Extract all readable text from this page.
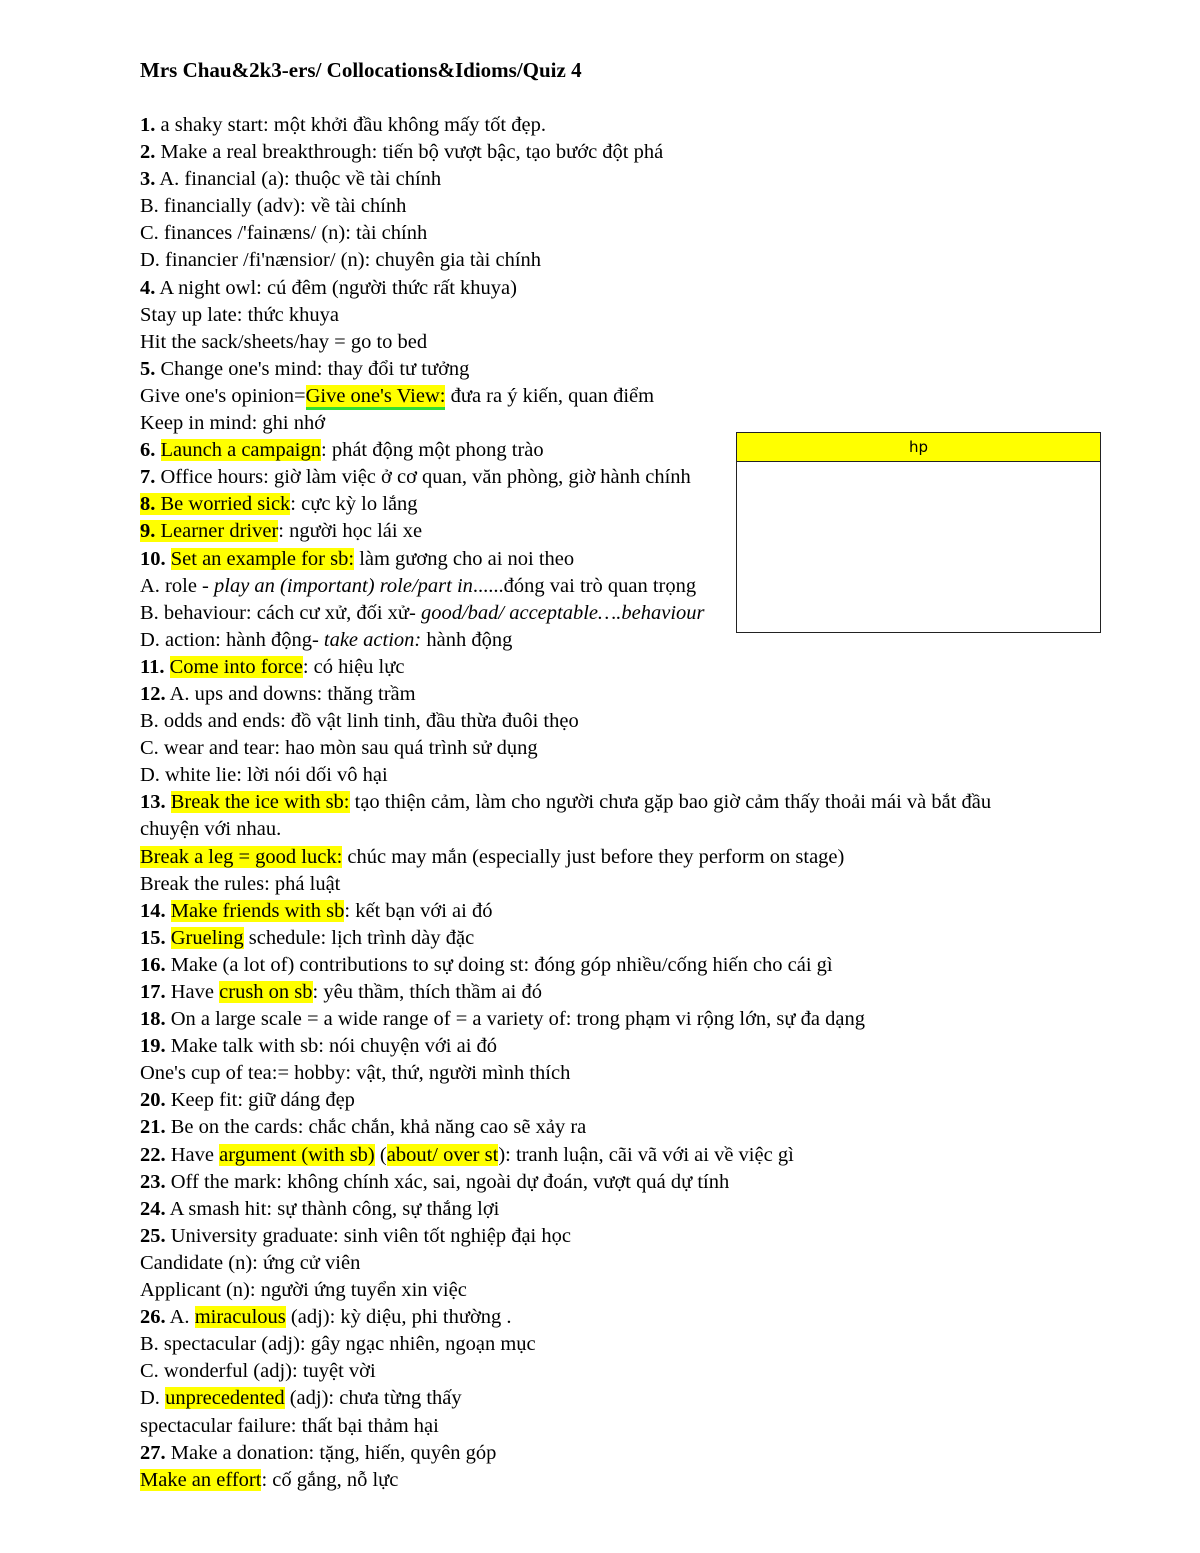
Mrs Chau&2k3-ers/ Collocations&Idioms/Quiz 4
1. a shaky start: một khởi đầu không mấy tốt đẹp.
2. Make a real breakthrough: tiến bộ vượt bậc, tạo bước đột phá
3. A. financial (a): thuộc về tài chính
B. financially (adv): về tài chính
C. finances /'fainæns/ (n): tài chính
D. financier /fi'nænsior/ (n): chuyên gia tài chính
4. A night owl: cú đêm (người thức rất khuya)
Stay up late: thức khuya
Hit the sack/sheets/hay = go to bed
5. Change one's mind: thay đổi tư tưởng
Give one's opinion=Give one's View: đưa ra ý kiến, quan điểm
Keep in mind: ghi nhớ
6. Launch a campaign: phát động một phong trào
7. Office hours: giờ làm việc ở cơ quan, văn phòng, giờ hành chính
8. Be worried sick: cực kỳ lo lắng
9. Learner driver: người học lái xe
10. Set an example for sb: làm gương cho ai noi theo
A. role - play an (important) role/part in......đóng vai trò quan trọng
B. behaviour: cách cư xử, đối xử- good/bad/ acceptable….behaviour
D. action: hành động- take action: hành động
11. Come into force: có hiệu lực
12. A. ups and downs: thăng trầm
B. odds and ends: đồ vật linh tinh, đầu thừa đuôi thẹo
C. wear and tear: hao mòn sau quá trình sử dụng
D. white lie: lời nói dối vô hại
13. Break the ice with sb: tạo thiện cảm, làm cho người chưa gặp bao giờ cảm thấy thoải mái và bắt đầu
chuyện với nhau.
Break a leg = good luck: chúc may mắn (especially just before they perform on stage)
Break the rules: phá luật
14. Make friends with sb: kết bạn với ai đó
15. Grueling schedule: lịch trình dày đặc
16. Make (a lot of) contributions to sự doing st: đóng góp nhiều/cống hiến cho cái gì
17. Have crush on sb: yêu thầm, thích thầm ai đó
18. On a large scale = a wide range of = a variety of: trong phạm vi rộng lớn, sự đa dạng
19. Make talk with sb: nói chuyện với ai đó
One's cup of tea:= hobby: vật, thứ, người mình thích
20. Keep fit: giữ dáng đẹp
21. Be on the cards: chắc chắn, khả năng cao sẽ xảy ra
22. Have argument (with sb) (about/ over st): tranh luận, cãi vã với ai về việc gì
23. Off the mark: không chính xác, sai, ngoài dự đoán, vượt quá dự tính
24. A smash hit: sự thành công, sự thắng lợi
25. University graduate: sinh viên tốt nghiệp đại học
Candidate (n): ứng cử viên
Applicant (n): người ứng tuyển xin việc
26. A. miraculous (adj): kỳ diệu, phi thường .
B. spectacular (adj): gây ngạc nhiên, ngoạn mục
C. wonderful (adj): tuyệt vời
D. unprecedented (adj): chưa từng thấy
spectacular failure: thất bại thảm hại
27. Make a donation: tặng, hiến, quyên góp
Make an effort: cố gắng, nỗ lực
hp
